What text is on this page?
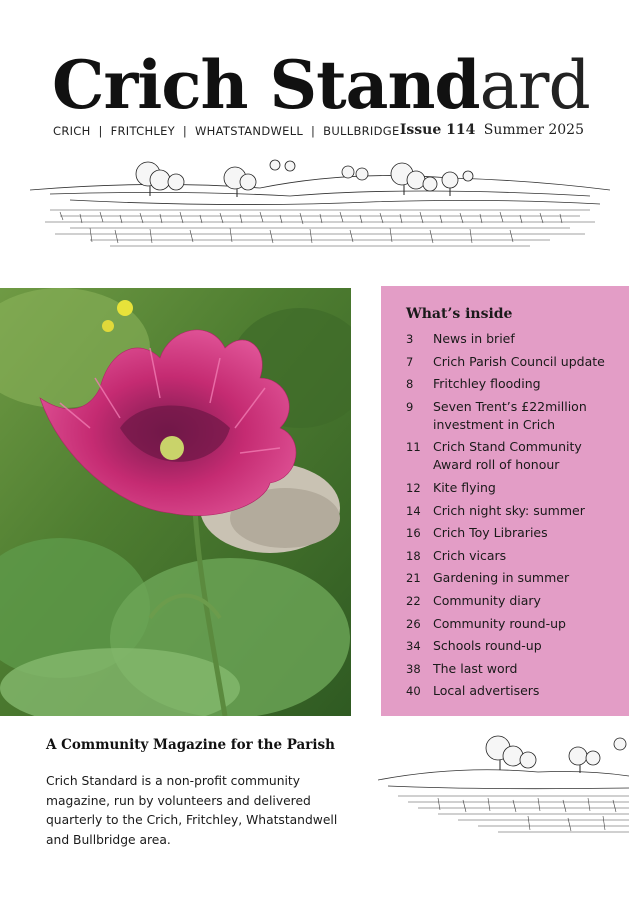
Crich Standard
CRICH  |  FRITCHLEY  |  WHATSTANDWELL  |  BULLBRIDGE Issue 114 Summer 2025
What’s inside
3	News in brief
7	Crich Parish Council update
8	Fritchley flooding
9	Seven Trent’s £22million investment in Crich
11 Crich Stand Community Award roll of honour
12 Kite flying
14 Crich night sky: summer
16 Crich Toy Libraries
18 Crich vicars
21 Gardening in summer
22 Community diary
26 Community round-up
34 Schools round-up
38 The last word
40 Local advertisers
A Community Magazine for the Parish
Crich Standard is a non-profit community magazine, run by volunteers and delivered quarterly to the Crich, Fritchley, Whatstandwell and Bullbridge area.
